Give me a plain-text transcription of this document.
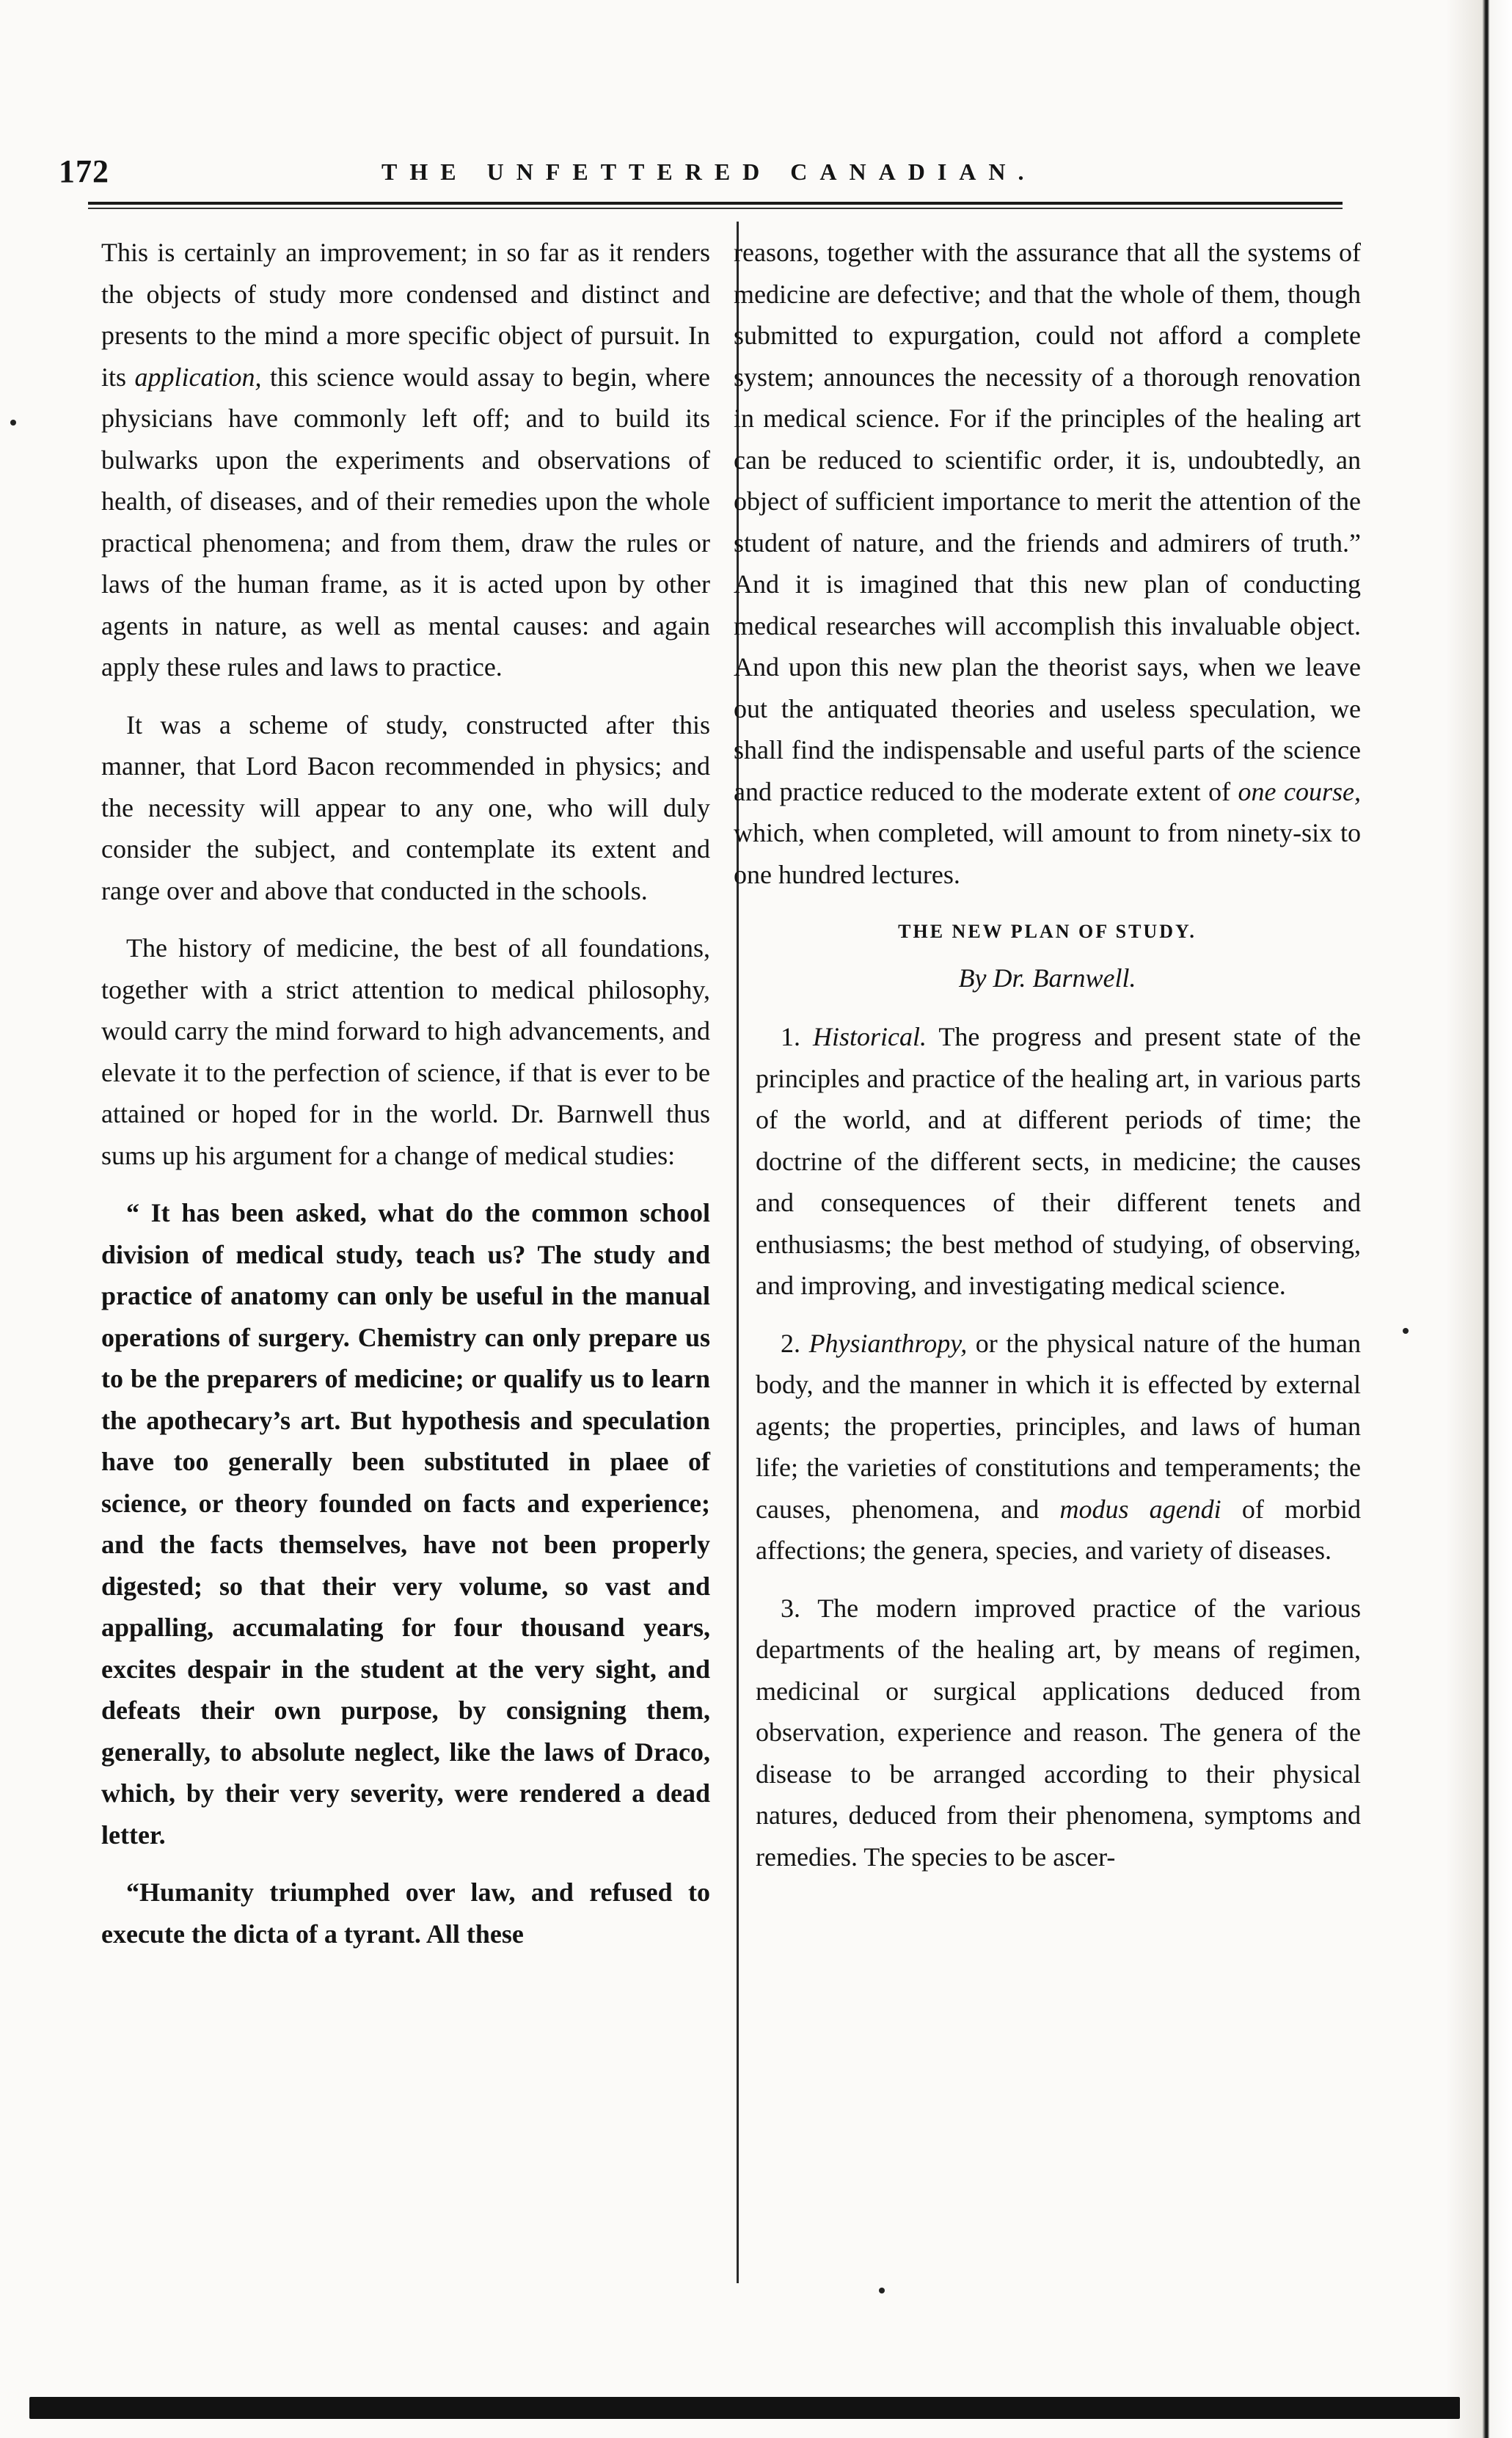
172	THE UNFETTERED CANADIAN.

This is certainly an improvement; in so far as it renders the objects of study more condensed and distinct and presents to the mind a more specific object of pursuit. In its application, this science would assay to begin, where physicians have commonly left off; and to build its bulwarks upon the experiments and observations of health, of diseases, and of their remedies upon the whole practical phenomena; and from them, draw the rules or laws of the human frame, as it is acted upon by other agents in nature, as well as mental causes: and again apply these rules and laws to practice.

It was a scheme of study, constructed after this manner, that Lord Bacon recommended in physics; and the necessity will appear to any one, who will duly consider the subject, and contemplate its extent and range over and above that conducted in the schools.

The history of medicine, the best of all foundations, together with a strict attention to medical philosophy, would carry the mind forward to high advancements, and elevate it to the perfection of science, if that is ever to be attained or hoped for in the world. Dr. Barnwell thus sums up his argument for a change of medical studies:

“ It has been asked, what do the common school division of medical study, teach us? The study and practice of anatomy can only be useful in the manual operations of surgery. Chemistry can only prepare us to be the preparers of medicine; or qualify us to learn the apothecary’s art. But hypothesis and speculation have too generally been substituted in plaee of science, or theory founded on facts and experience; and the facts themselves, have not been properly digested; so that their very volume, so vast and appalling, accumalating for four thousand years, excites despair in the student at the very sight, and defeats their own purpose, by consigning them, generally, to absolute neglect, like the laws of Draco, which, by their very severity, were rendered a dead letter.

“Humanity triumphed over law, and refused to execute the dicta of a tyrant. All these

reasons, together with the assurance that all the systems of medicine are defective; and that the whole of them, though submitted to expurgation, could not afford a complete system; announces the necessity of a thorough renovation in medical science. For if the principles of the healing art can be reduced to scientific order, it is, undoubtedly, an object of sufficient importance to merit the attention of the student of nature, and the friends and admirers of truth.” And it is imagined that this new plan of conducting medical researches will accomplish this invaluable object. And upon this new plan the theorist says, when we leave out the antiquated theories and useless speculation, we shall find the indispensable and useful parts of the science and practice reduced to the moderate extent of one course, which, when completed, will amount to from ninety-six to one hundred lectures.

THE NEW PLAN OF STUDY.
By Dr. Barnwell.

1. Historical. The progress and present state of the principles and practice of the healing art, in various parts of the world, and at different periods of time; the doctrine of the different sects, in medicine; the causes and consequences of their different tenets and enthusiasms; the best method of studying, of observing, and improving, and investigating medical science.

2. Physianthropy, or the physical nature of the human body, and the manner in which it is effected by external agents; the properties, principles, and laws of human life; the varieties of constitutions and temperaments; the causes, phenomena, and modus agendi of morbid affections; the genera, species, and variety of diseases.

3. The modern improved practice of the various departments of the healing art, by means of regimen, medicinal or surgical applications deduced from observation, experience and reason. The genera of the disease to be arranged according to their physical natures, deduced from their phenomena, symptoms and remedies. The species to be ascer-
